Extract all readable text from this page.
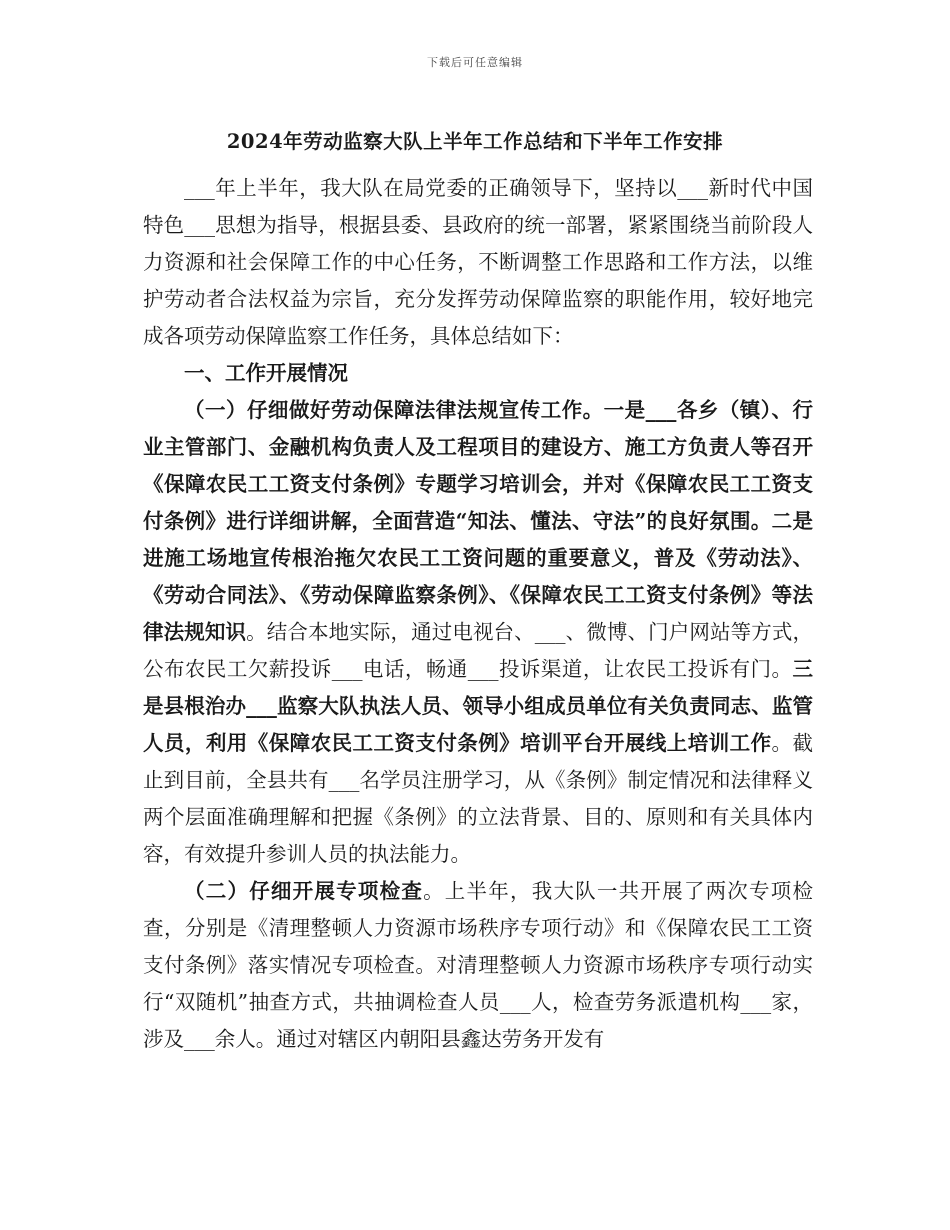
下载后可任意编辑
2024年劳动监察大队上半年工作总结和下半年工作安排

___年上半年，我大队在局党委的正确领导下，坚持以___新时代中国特色___思想为指导，根据县委、县政府的统一部署，紧紧围绕当前阶段人力资源和社会保障工作的中心任务，不断调整工作思路和工作方法，以维护劳动者合法权益为宗旨，充分发挥劳动保障监察的职能作用，较好地完成各项劳动保障监察工作任务，具体总结如下：

一、工作开展情况

（一）仔细做好劳动保障法律法规宣传工作。一是___各乡（镇）、行业主管部门、金融机构负责人及工程项目的建设方、施工方负责人等召开《保障农民工工资支付条例》专题学习培训会，并对《保障农民工工资支付条例》进行详细讲解，全面营造“知法、懂法、守法”的良好氛围。二是进施工场地宣传根治拖欠农民工工资问题的重要意义，普及《劳动法》、《劳动合同法》、《劳动保障监察条例》、《保障农民工工资支付条例》等法律法规知识。结合本地实际，通过电视台、___、微博、门户网站等方式，公布农民工欠薪投诉___电话，畅通___投诉渠道，让农民工投诉有门。三是县根治办___监察大队执法人员、领导小组成员单位有关负责同志、监管人员，利用《保障农民工工资支付条例》培训平台开展线上培训工作。截止到目前，全县共有___名学员注册学习，从《条例》制定情况和法律释义两个层面准确理解和把握《条例》的立法背景、目的、原则和有关具体内容，有效提升参训人员的执法能力。

（二）仔细开展专项检查。上半年，我大队一共开展了两次专项检查，分别是《清理整顿人力资源市场秩序专项行动》和《保障农民工工资支付条例》落实情况专项检查。对清理整顿人力资源市场秩序专项行动实行“双随机”抽查方式，共抽调检查人员___人，检查劳务派遣机构___家，涉及___余人。通过对辖区内朝阳县鑫达劳务开发有
